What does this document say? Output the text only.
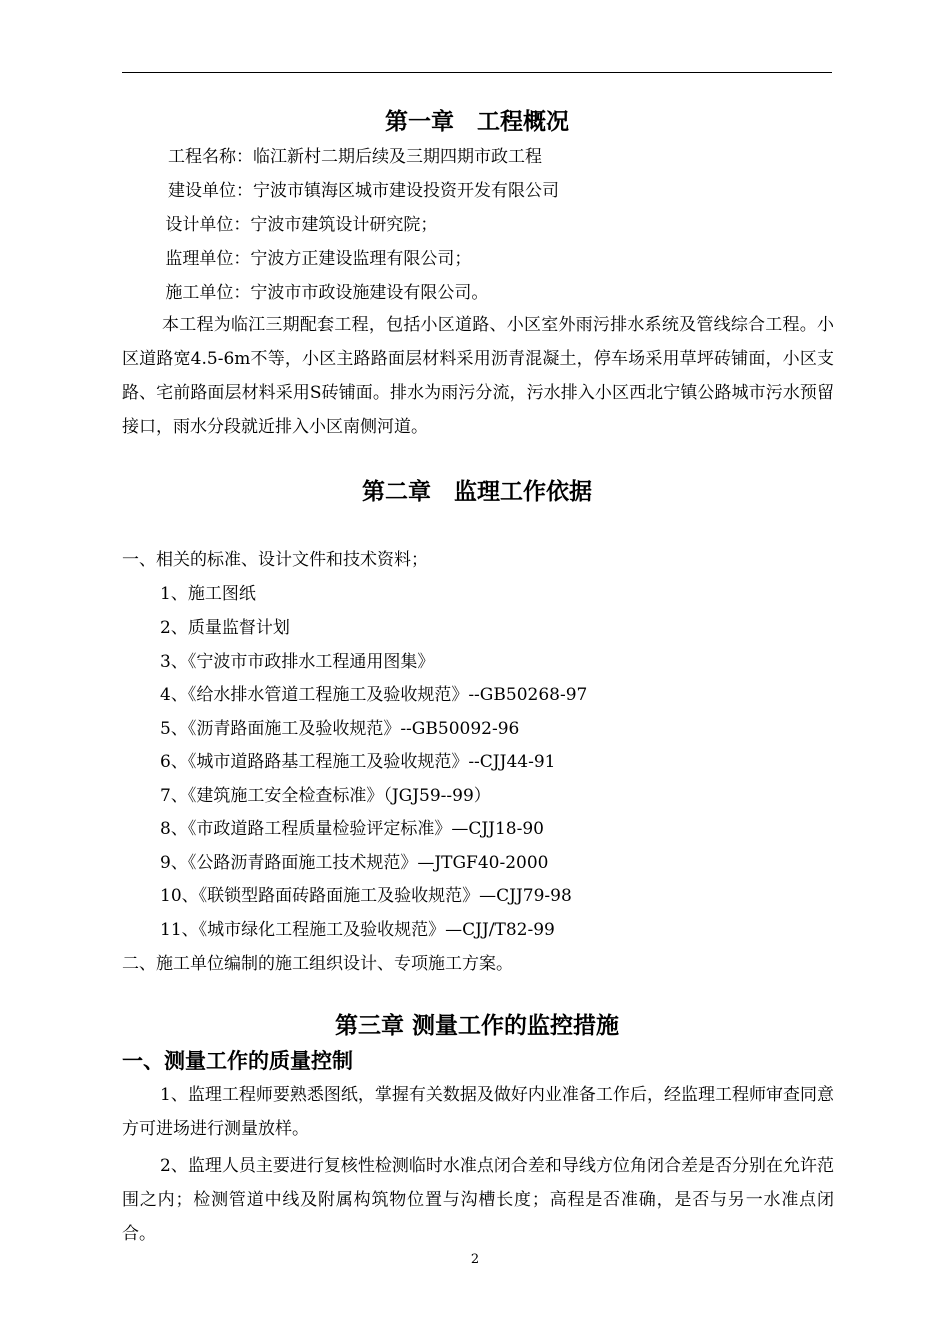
第一章　工程概况
工程名称：临江新村二期后续及三期四期市政工程
建设单位：宁波市镇海区城市建设投资开发有限公司
设计单位：宁波市建筑设计研究院；
监理单位：宁波方正建设监理有限公司；
施工单位：宁波市市政设施建设有限公司。
本工程为临江三期配套工程，包括小区道路、小区室外雨污排水系统及管线综合工程。小区道路宽4.5-6m不等，小区主路路面层材料采用沥青混凝土，停车场采用草坪砖铺面，小区支路、宅前路面层材料采用S砖铺面。排水为雨污分流，污水排入小区西北宁镇公路城市污水预留接口，雨水分段就近排入小区南侧河道。
第二章　监理工作依据
一、相关的标准、设计文件和技术资料；
1、施工图纸
2、质量监督计划
3、《宁波市市政排水工程通用图集》
4、《给水排水管道工程施工及验收规范》--GB50268-97
5、《沥青路面施工及验收规范》--GB50092-96
6、《城市道路路基工程施工及验收规范》--CJJ44-91
7、《建筑施工安全检查标准》（JGJ59--99）
8、《市政道路工程质量检验评定标准》—CJJ18-90
9、《公路沥青路面施工技术规范》—JTGF40-2000
10、《联锁型路面砖路面施工及验收规范》—CJJ79-98
11、《城市绿化工程施工及验收规范》—CJJ/T82-99
二、施工单位编制的施工组织设计、专项施工方案。
第三章 测量工作的监控措施
一、测量工作的质量控制
1、监理工程师要熟悉图纸，掌握有关数据及做好内业准备工作后，经监理工程师审查同意方可进场进行测量放样。
2、监理人员主要进行复核性检测临时水准点闭合差和导线方位角闭合差是否分别在允许范围之内；检测管道中线及附属构筑物位置与沟槽长度；高程是否准确，是否与另一水准点闭合。
2
